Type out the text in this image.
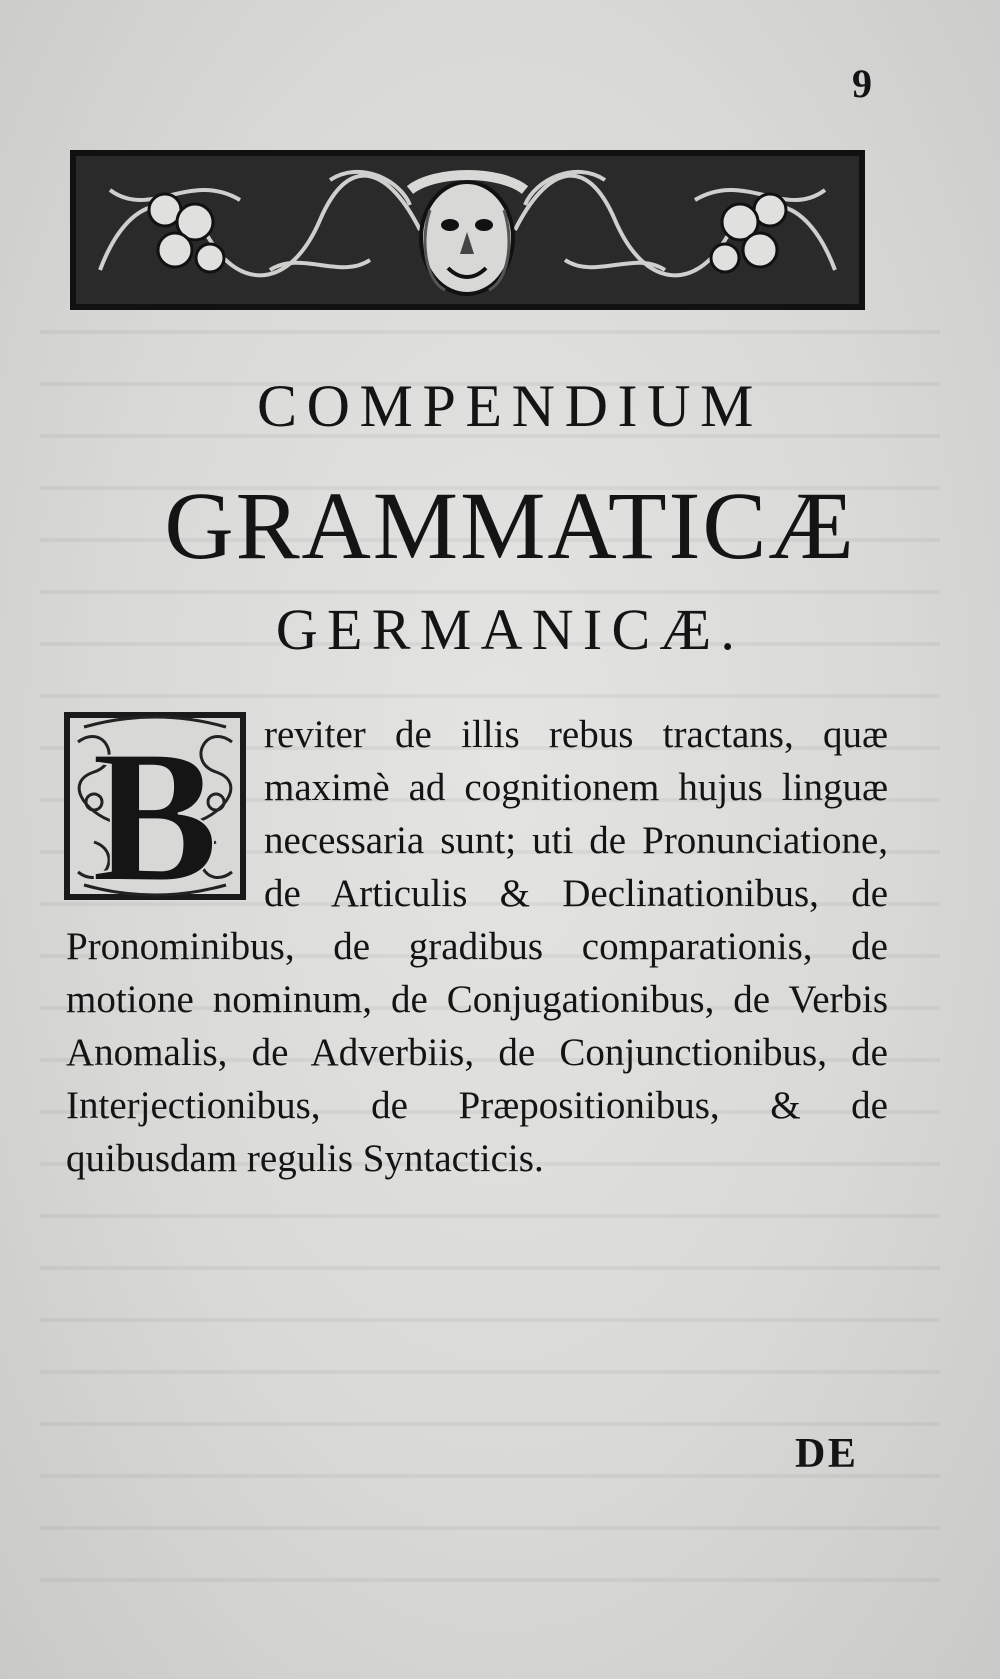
9
COMPENDIUM
GRAMMATICÆ
GERMANICÆ.
B reviter de illis rebus tractans, quæ maximè ad cognitionem hujus linguæ necessaria sunt; uti de Pronunciatione, de Articulis & Declinationibus, de Pronominibus, de gradibus comparationis, de motione nominum, de Conjugationibus, de Verbis Anomalis, de Adverbiis, de Conjunctionibus, de Interjectionibus, de Præpositionibus, & de quibusdam regulis Syntacticis.
DE
